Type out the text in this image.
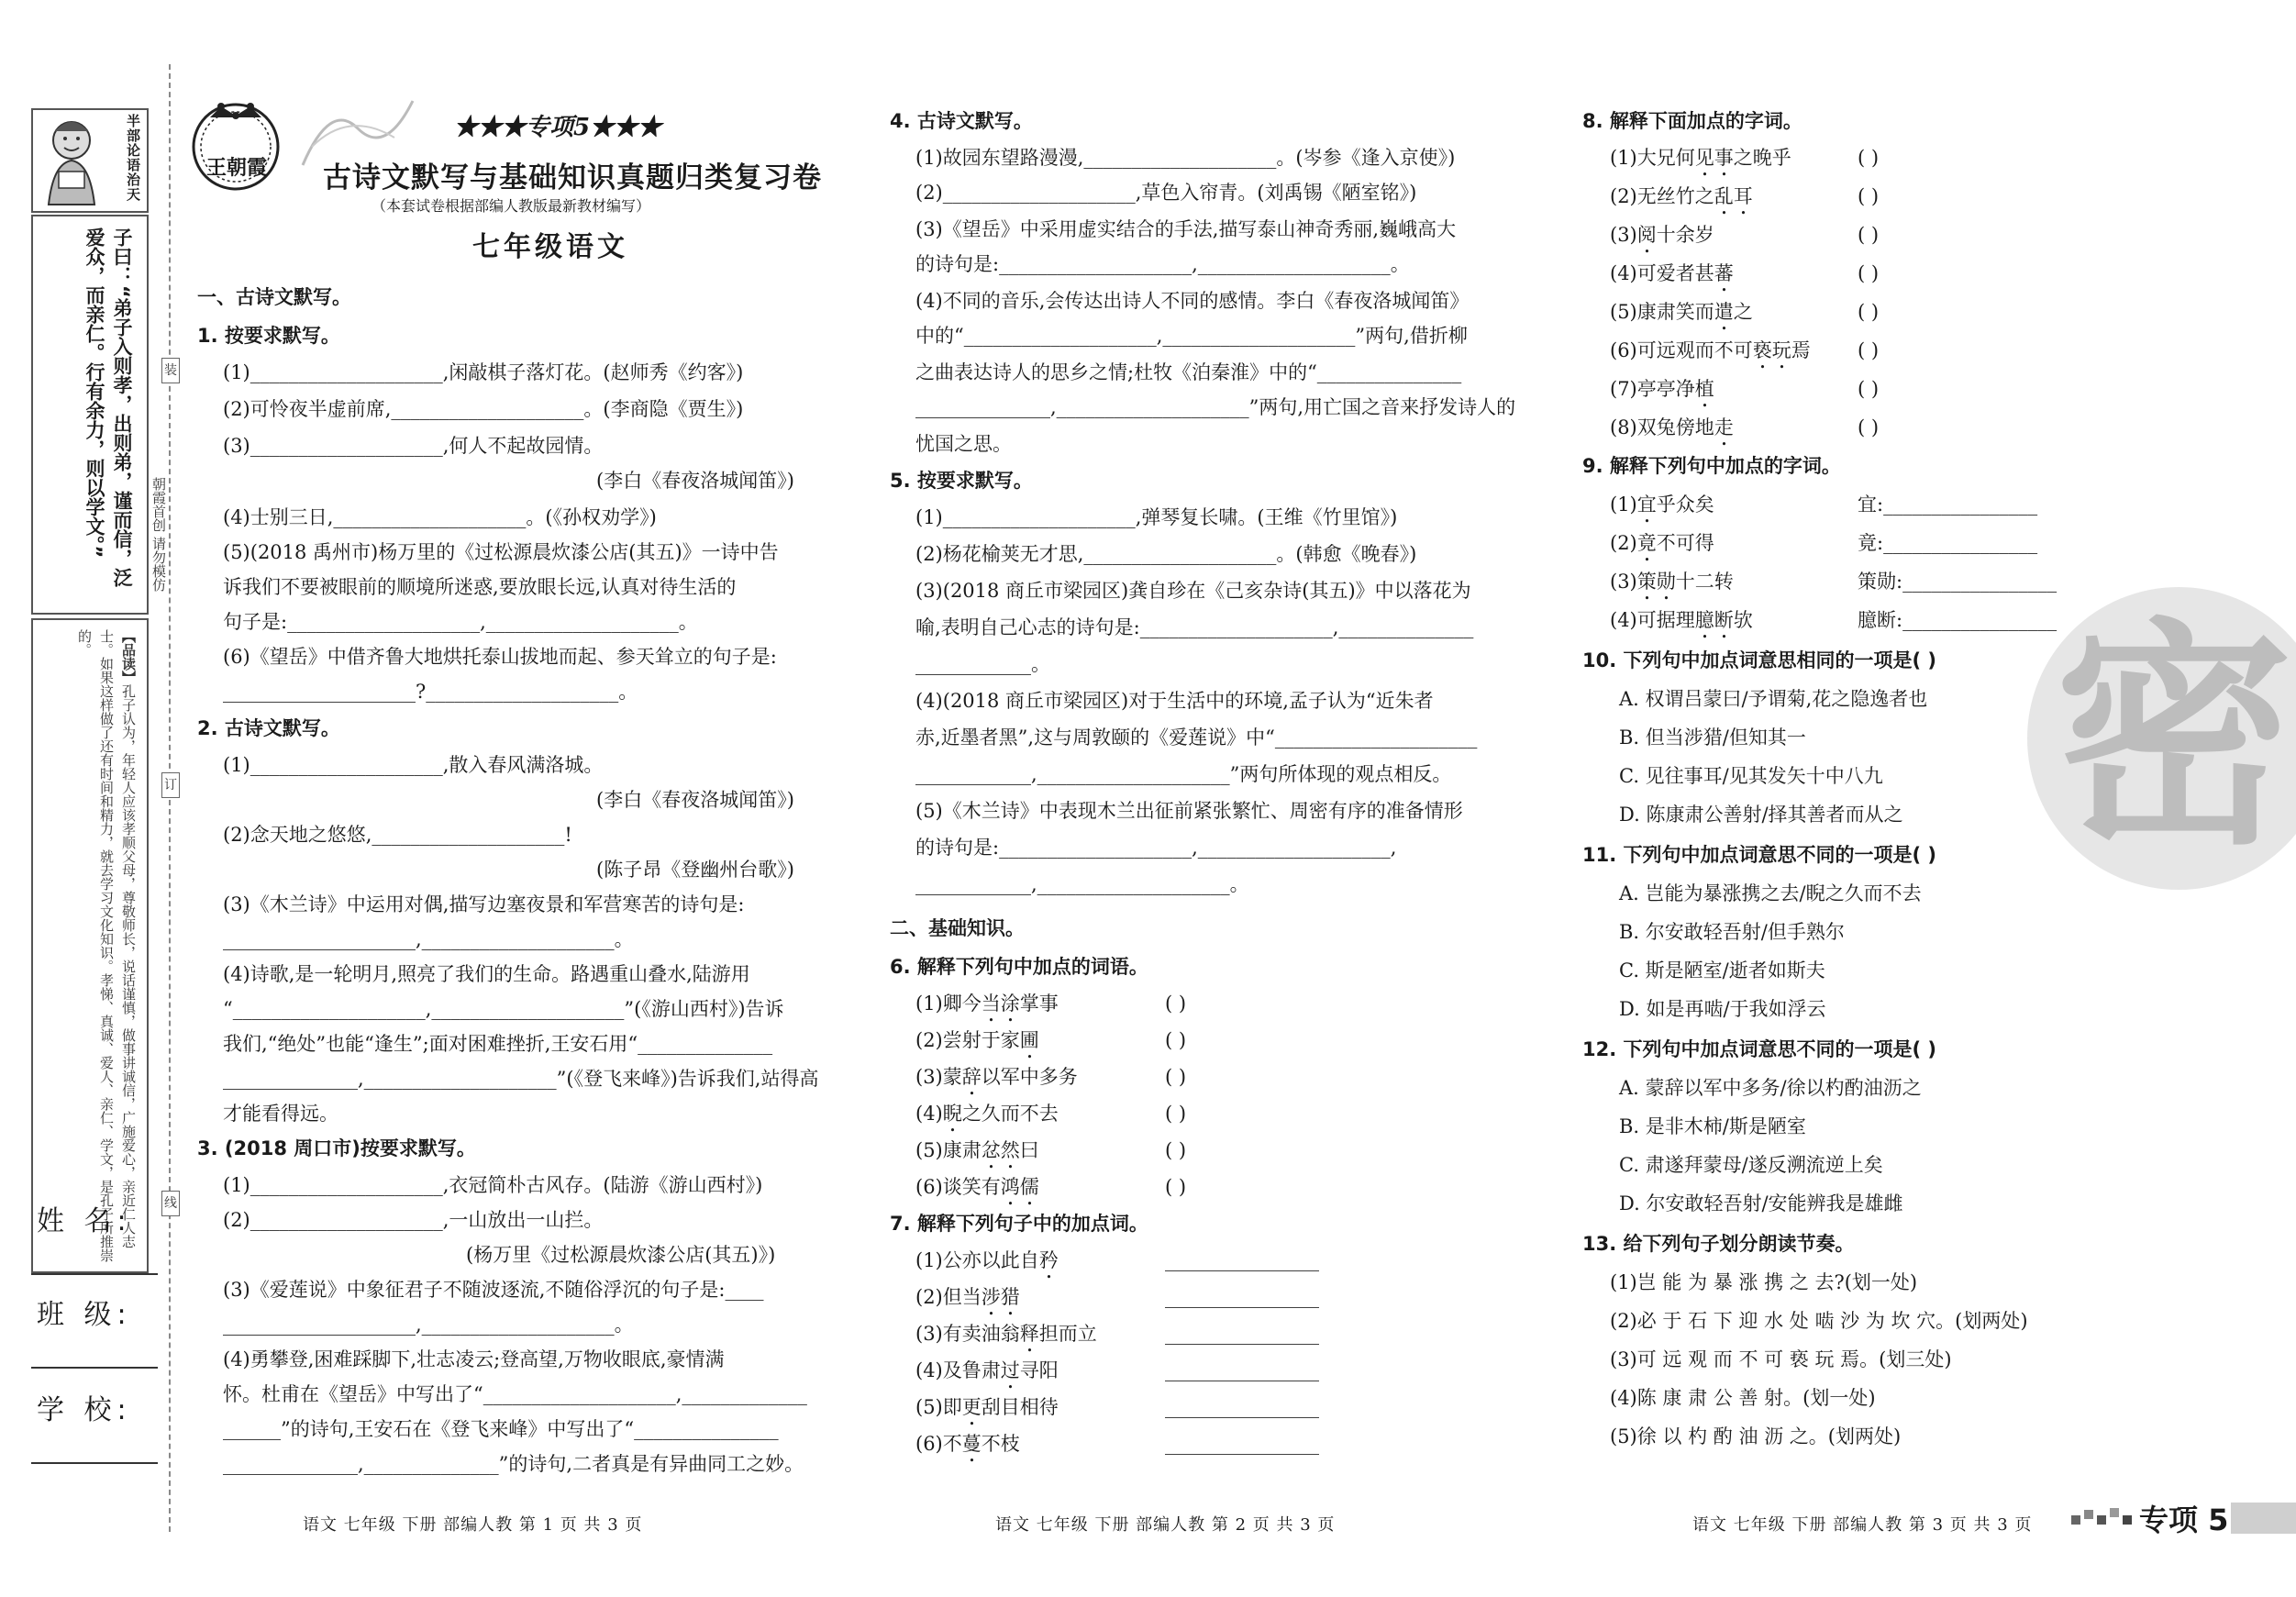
半部论语治天
子曰：“弟子入则孝，出则弟，谨而信，泛爱众，而亲仁。行有余力，则以学文。”
【品读】孔子认为，年轻人应该孝顺父母，尊敬师长，说话谨慎，做事讲诚信，广施爱心，亲近仁人志士。如果这样做了还有时间和精力，就去学习文化知识。孝悌、真诚、爱人、亲仁、学文，是孔子所推崇的。
姓 名:
班 级:
学 校:
装
订
线
朝霞首创 请勿模仿
王朝霞
★★★专项5★★★
古诗文默写与基础知识真题归类复习卷
（本套试卷根据部编人教版最新教材编写）
七年级语文
一、古诗文默写。
1. 按要求默写。
(1)____________________,闲敲棋子落灯花。(赵师秀《约客》)
(2)可怜夜半虚前席,____________________。(李商隐《贾生》)
(3)____________________,何人不起故园情。
(李白《春夜洛城闻笛》)
(4)士别三日,____________________。(《孙权劝学》)
(5)(2018 禹州市)杨万里的《过松源晨炊漆公店(其五)》一诗中告
诉我们不要被眼前的顺境所迷惑,要放眼长远,认真对待生活的
句子是:____________________,____________________。
(6)《望岳》中借齐鲁大地烘托泰山拔地而起、参天耸立的句子是:
____________________?____________________。
2. 古诗文默写。
(1)____________________,散入春风满洛城。
(李白《春夜洛城闻笛》)
(2)念天地之悠悠,____________________!
(陈子昂《登幽州台歌》)
(3)《木兰诗》中运用对偶,描写边塞夜景和军营寒苦的诗句是:
____________________,____________________。
(4)诗歌,是一轮明月,照亮了我们的生命。路遇重山叠水,陆游用
“____________________,____________________”(《游山西村》)告诉
我们,“绝处”也能“逢生”;面对困难挫折,王安石用“______________
______________,____________________”(《登飞来峰》)告诉我们,站得高
才能看得远。
3. (2018 周口市)按要求默写。
(1)____________________,衣冠简朴古风存。(陆游《游山西村》)
(2)____________________,一山放出一山拦。
(杨万里《过松源晨炊漆公店(其五)》)
(3)《爱莲说》中象征君子不随波逐流,不随俗浮沉的句子是:____
____________________,____________________。
(4)勇攀登,困难踩脚下,壮志凌云;登高望,万物收眼底,豪情满
怀。杜甫在《望岳》中写出了“____________________,_____________
______”的诗句,王安石在《登飞来峰》中写出了“_______________
______________,______________”的诗句,二者真是有异曲同工之妙。
4. 古诗文默写。
(1)故园东望路漫漫,____________________。(岑参《逢入京使》)
(2)____________________,草色入帘青。(刘禹锡《陋室铭》)
(3)《望岳》中采用虚实结合的手法,描写泰山神奇秀丽,巍峨高大
的诗句是:____________________,____________________。
(4)不同的音乐,会传达出诗人不同的感情。李白《春夜洛城闻笛》
中的“____________________,____________________”两句,借折柳
之曲表达诗人的思乡之情;杜牧《泊秦淮》中的“_______________
______________,____________________”两句,用亡国之音来抒发诗人的
忧国之思。
5. 按要求默写。
(1)____________________,弹琴复长啸。(王维《竹里馆》)
(2)杨花榆荚无才思,____________________。(韩愈《晚春》)
(3)(2018 商丘市梁园区)龚自珍在《己亥杂诗(其五)》中以落花为
喻,表明自己心志的诗句是:____________________,______________
____________。
(4)(2018 商丘市梁园区)对于生活中的环境,孟子认为“近朱者
赤,近墨者黑”,这与周敦颐的《爱莲说》中“_____________________
____________,____________________”两句所体现的观点相反。
(5)《木兰诗》中表现木兰出征前紧张繁忙、周密有序的准备情形
的诗句是:____________________,____________________,
____________,____________________。
二、基础知识。
6. 解释下列句中加点的词语。
(1)卿今当涂掌事	( )
(2)尝射于家圃	( )
(3)蒙辞以军中多务	( )
(4)睨之久而不去	( )
(5)康肃忿然曰	( )
(6)谈笑有鸿儒	( )
7. 解释下列句子中的加点词。
(1)公亦以此自矜	________________
(2)但当涉猎	________________
(3)有卖油翁释担而立	________________
(4)及鲁肃过寻阳	________________
(5)即更刮目相待	________________
(6)不蔓不枝	________________
8. 解释下面加点的字词。
(1)大兄何见事之晚乎	( )
(2)无丝竹之乱耳	( )
(3)阅十余岁	( )
(4)可爱者甚蕃	( )
(5)康肃笑而遣之	( )
(6)可远观而不可亵玩焉 ( )
(7)亭亭净植	( )
(8)双兔傍地走	( )
9. 解释下列句中加点的字词。
(1)宜乎众矣	宜:________________
(2)竟不可得	竟:________________
(3)策勋十二转	策勋:________________
(4)可据理臆断欤	臆断:________________
10. 下列句中加点词意思相同的一项是( )
A. 权谓吕蒙曰/予谓菊,花之隐逸者也
B. 但当涉猎/但知其一
C. 见往事耳/见其发矢十中八九
D. 陈康肃公善射/择其善者而从之
11. 下列句中加点词意思不同的一项是( )
A. 岂能为暴涨携之去/睨之久而不去
B. 尔安敢轻吾射/但手熟尔
C. 斯是陋室/逝者如斯夫
D. 如是再啮/于我如浮云
12. 下列句中加点词意思不同的一项是( )
A. 蒙辞以军中多务/徐以杓酌油沥之
B. 是非木柿/斯是陋室
C. 肃遂拜蒙母/遂反溯流逆上矣
D. 尔安敢轻吾射/安能辨我是雄雌
13. 给下列句子划分朗读节奏。
(1)岂 能 为 暴 涨 携 之 去?(划一处)
(2)必 于 石 下 迎 水 处 啮 沙 为 坎 穴。(划两处)
(3)可 远 观 而 不 可 亵 玩 焉。(划三处)
(4)陈 康 肃 公 善 射。(划一处)
(5)徐 以 杓 酌 油 沥 之。(划两处)
语文 七年级 下册 部编人教 第 1 页 共 3 页	语文 七年级 下册 部编人教 第 2 页 共 3 页	语文 七年级 下册 部编人教 第 3 页 共 3 页	专项 5
密
